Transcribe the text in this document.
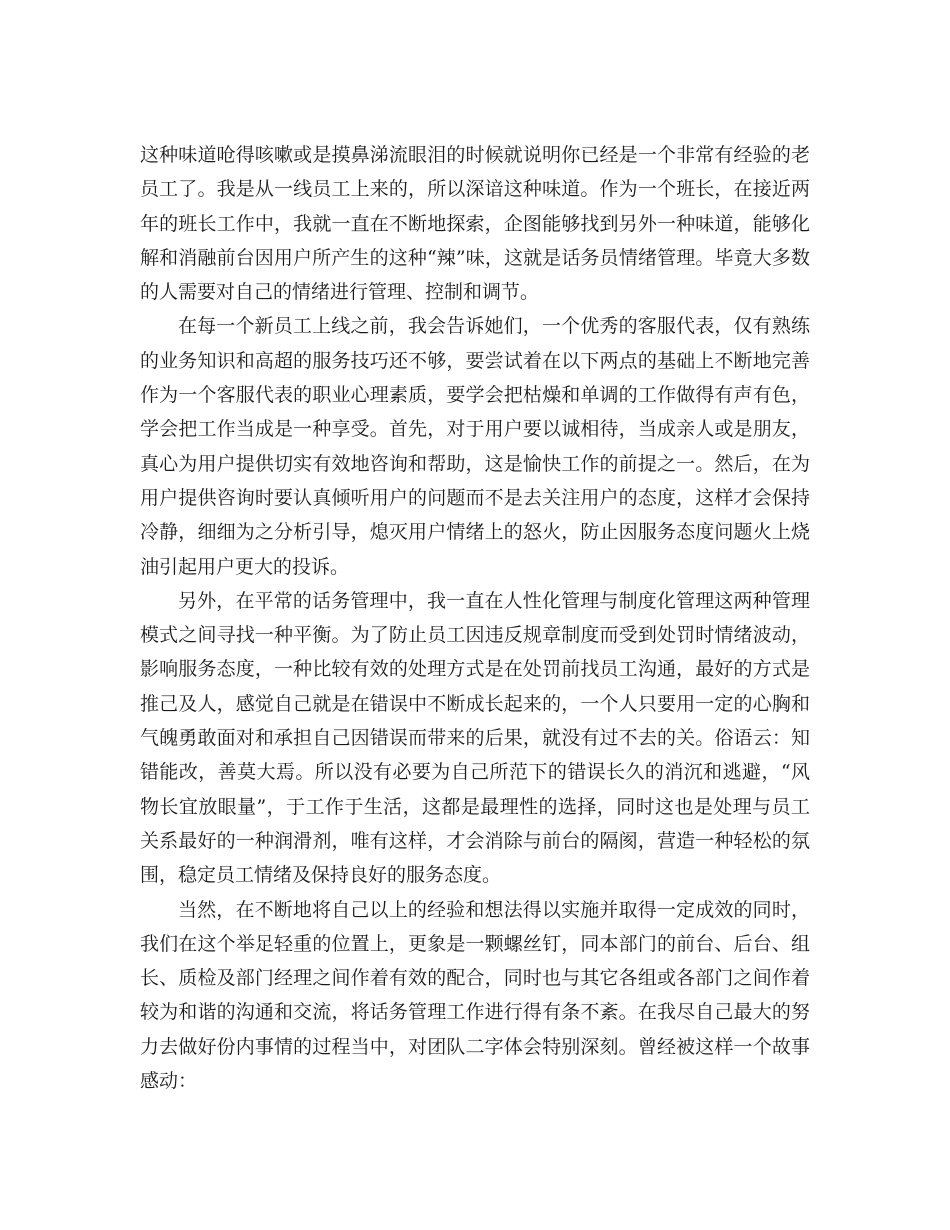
这种味道呛得咳嗽或是摸鼻涕流眼泪的时候就说明你已经是一个非常有经验的老员工了。我是从一线员工上来的，所以深谙这种味道。作为一个班长，在接近两年的班长工作中，我就一直在不断地探索，企图能够找到另外一种味道，能够化解和消融前台因用户所产生的这种“辣”味，这就是话务员情绪管理。毕竟大多数的人需要对自己的情绪进行管理、控制和调节。

在每一个新员工上线之前，我会告诉她们，一个优秀的客服代表，仅有熟练的业务知识和高超的服务技巧还不够，要尝试着在以下两点的基础上不断地完善作为一个客服代表的职业心理素质，要学会把枯燥和单调的工作做得有声有色，学会把工作当成是一种享受。首先，对于用户要以诚相待，当成亲人或是朋友，真心为用户提供切实有效地咨询和帮助，这是愉快工作的前提之一。然后，在为用户提供咨询时要认真倾听用户的问题而不是去关注用户的态度，这样才会保持冷静，细细为之分析引导，熄灭用户情绪上的怒火，防止因服务态度问题火上烧油引起用户更大的投诉。

另外，在平常的话务管理中，我一直在人性化管理与制度化管理这两种管理模式之间寻找一种平衡。为了防止员工因违反规章制度而受到处罚时情绪波动，影响服务态度，一种比较有效的处理方式是在处罚前找员工沟通，最好的方式是推己及人，感觉自己就是在错误中不断成长起来的，一个人只要用一定的心胸和气魄勇敢面对和承担自己因错误而带来的后果，就没有过不去的关。俗语云：知错能改，善莫大焉。所以没有必要为自己所范下的错误长久的消沉和逃避，“风物长宜放眼量”，于工作于生活，这都是最理性的选择，同时这也是处理与员工关系最好的一种润滑剂，唯有这样，才会消除与前台的隔阂，营造一种轻松的氛围，稳定员工情绪及保持良好的服务态度。

当然，在不断地将自己以上的经验和想法得以实施并取得一定成效的同时，我们在这个举足轻重的位置上，更象是一颗螺丝钉，同本部门的前台、后台、组长、质检及部门经理之间作着有效的配合，同时也与其它各组或各部门之间作着较为和谐的沟通和交流，将话务管理工作进行得有条不紊。在我尽自己最大的努力去做好份内事情的过程当中，对团队二字体会特别深刻。曾经被这样一个故事感动：
